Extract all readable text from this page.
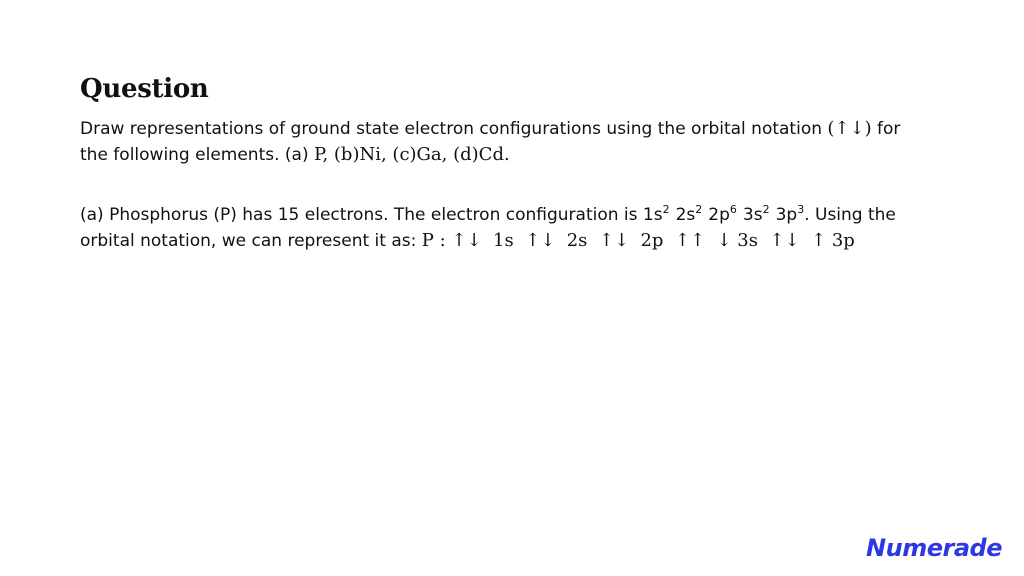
Question
Draw representations of ground state electron configurations using the orbital notation (↑↓) for
the following elements. (a) P, (b)Ni, (c)Ga, (d)Cd.
(a) Phosphorus (P) has 15 electrons. The electron configuration is $1s^2$ $2s^2$ $2p^6$ $3s^2$ $3p^3$. Using the
orbital notation, we can represent it as: P : ↑↓  1s  ↑↓  2s  ↑↓  2p  ↑↑  ↓ 3s  ↑↓  ↑ 3p
Numerade
